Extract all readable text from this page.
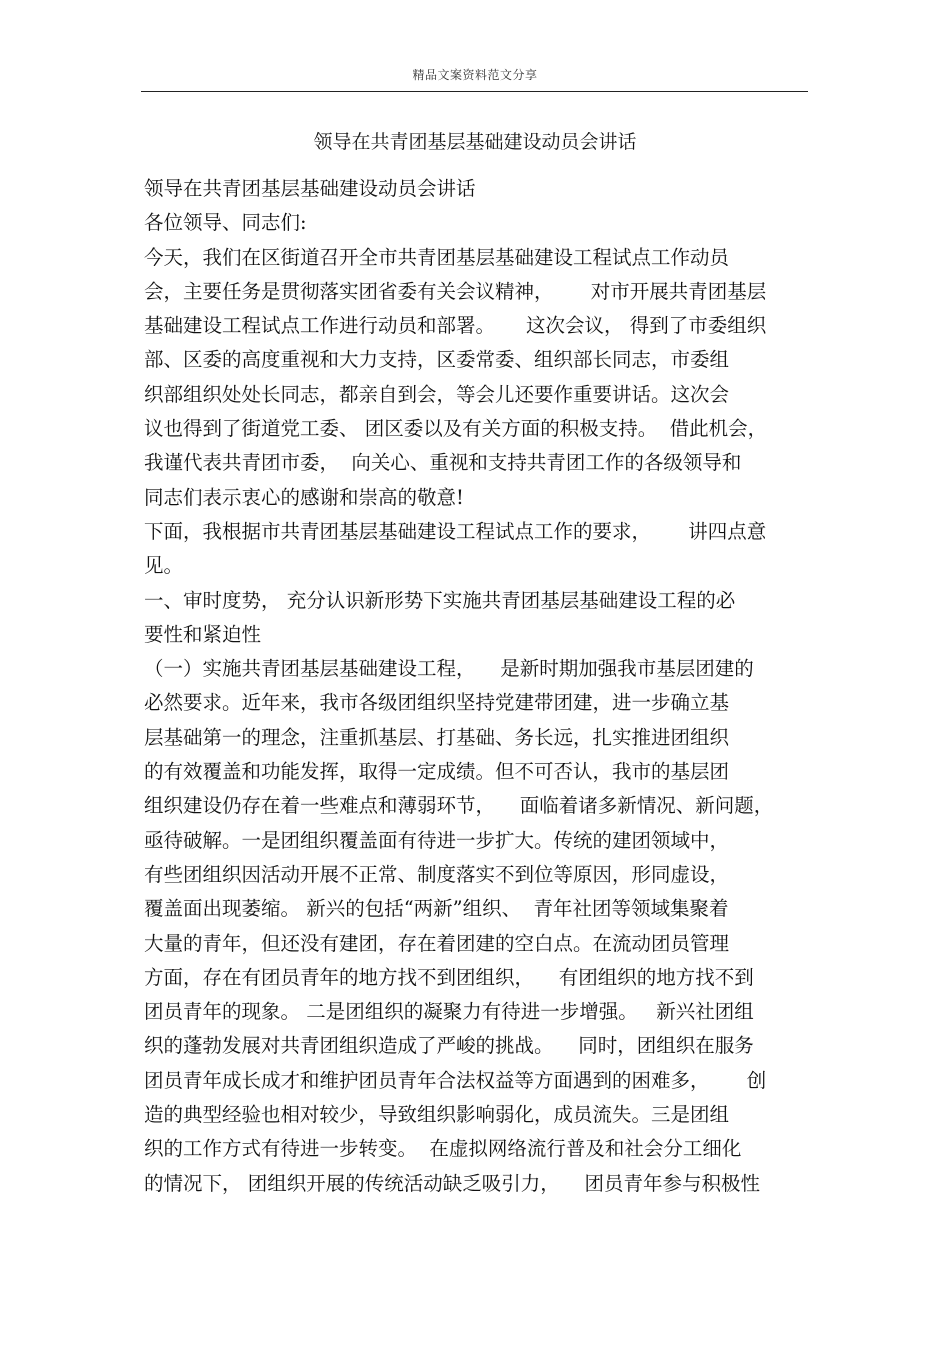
精品文案资料范文分享
领导在共青团基层基础建设动员会讲话
领导在共青团基层基础建设动员会讲话
各位领导、同志们:
今天，我们在区街道召开全市共青团基层基础建设工程试点工作动员
会，主要任务是贯彻落实团省委有关会议精神，      对市开展共青团基层
基础建设工程试点工作进行动员和部署。     这次会议， 得到了市委组织
部、区委的高度重视和大力支持，区委常委、组织部长同志，市委组
织部组织处处长同志，都亲自到会，等会儿还要作重要讲话。这次会
议也得到了街道党工委、 团区委以及有关方面的积极支持。  借此机会，
我谨代表共青团市委，  向关心、重视和支持共青团工作的各级领导和
同志们表示衷心的感谢和崇高的敬意!
下面，我根据市共青团基层基础建设工程试点工作的要求，      讲四点意
见。
一、审时度势， 充分认识新形势下实施共青团基层基础建设工程的必
要性和紧迫性
（一）实施共青团基层基础建设工程，    是新时期加强我市基层团建的
必然要求。近年来，我市各级团组织坚持党建带团建，进一步确立基
层基础第一的理念，注重抓基层、打基础、务长远，扎实推进团组织
的有效覆盖和功能发挥，取得一定成绩。但不可否认，我市的基层团
组织建设仍存在着一些难点和薄弱环节，    面临着诸多新情况、新问题，
亟待破解。一是团组织覆盖面有待进一步扩大。传统的建团领域中，
有些团组织因活动开展不正常、制度落实不到位等原因，形同虚设，
覆盖面出现萎缩。 新兴的包括“两新”组织、  青年社团等领域集聚着
大量的青年，但还没有建团，存在着团建的空白点。在流动团员管理
方面，存在有团员青年的地方找不到团组织，    有团组织的地方找不到
团员青年的现象。 二是团组织的凝聚力有待进一步增强。   新兴社团组
织的蓬勃发展对共青团组织造成了严峻的挑战。    同时，团组织在服务
团员青年成长成才和维护团员青年合法权益等方面遇到的困难多，      创
造的典型经验也相对较少，导致组织影响弱化，成员流失。三是团组
织的工作方式有待进一步转变。  在虚拟网络流行普及和社会分工细化
的情况下， 团组织开展的传统活动缺乏吸引力，    团员青年参与积极性
